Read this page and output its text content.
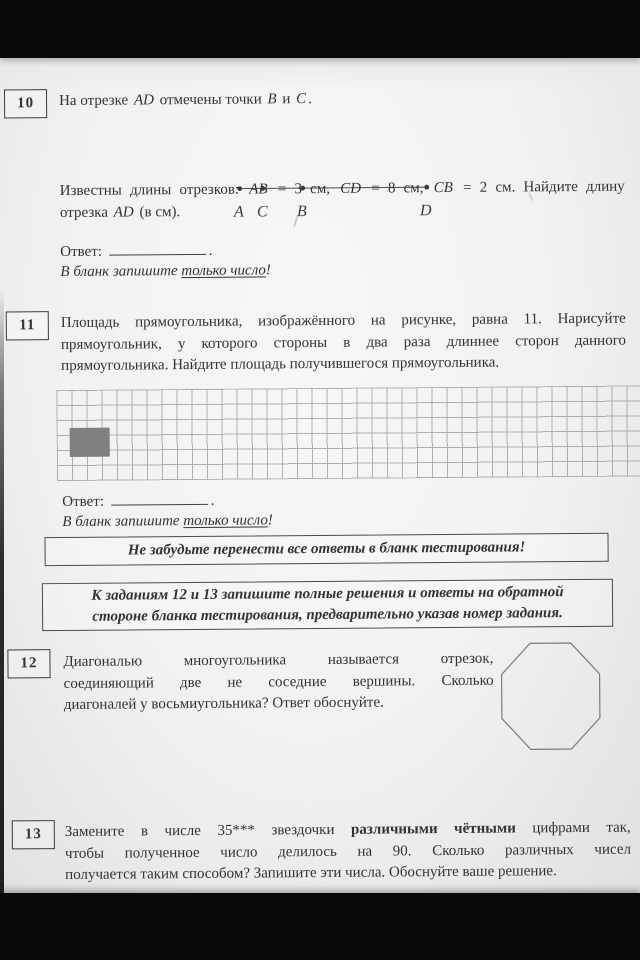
10 На отрезке AD отмечены точки B и C .
A C B	D
Известны длины отрезков: AB = 3 см, CD = 8 см, CB = 2 см. Найдите длину
отрезка AD (в см).
Ответ:	.
В бланк запишите только число!
11 Площадь прямоугольника, изображённого на рисунке, равна 11. Нарисуйте
прямоугольник, у которого стороны в два раза длиннее сторон данного
прямоугольника. Найдите площадь получившегося прямоугольника.
Ответ:	.
В бланк запишите только число!
Не забудьте перенести все ответы в бланк тестирования!
К заданиям 12 и 13 запишите полные решения и ответы на обратной
стороне бланка тестирования, предварительно указав номер задания.
12 Диагональю многоугольника называется отрезок,
соединяющий две не соседние вершины. Сколько
диагоналей у восьмиугольника? Ответ обоснуйте.
13 Замените в числе 35*** звездочки различными чётными цифрами так,
чтобы полученное число делилось на 90. Сколько различных чисел
получается таким способом? Запишите эти числа. Обоснуйте ваше решение.
